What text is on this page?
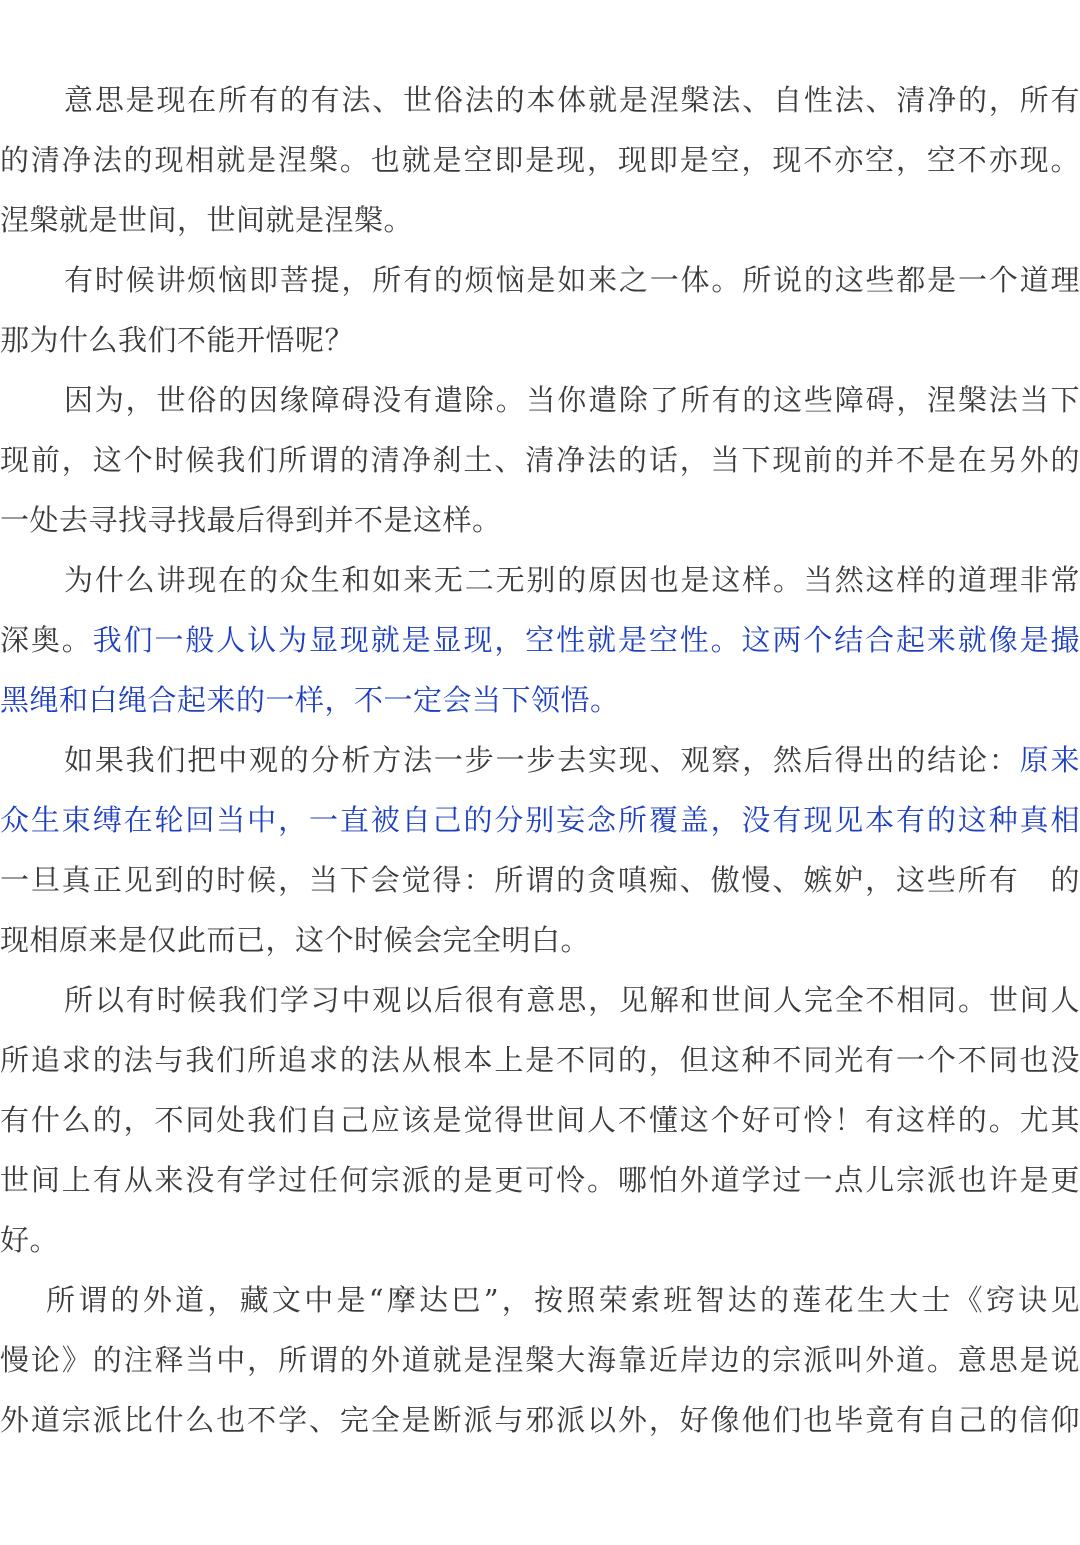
意思是现在所有的有法、世俗法的本体就是涅槃法、自性法、清净的，所有
的清净法的现相就是涅槃。也就是空即是现，现即是空，现不亦空，空不亦现。
涅槃就是世间，世间就是涅槃。
有时候讲烦恼即菩提，所有的烦恼是如来之一体。所说的这些都是一个道理
那为什么我们不能开悟呢？
因为，世俗的因缘障碍没有遣除。当你遣除了所有的这些障碍，涅槃法当下
现前，这个时候我们所谓的清净刹土、清净法的话，当下现前的并不是在另外的
一处去寻找寻找最后得到并不是这样。
为什么讲现在的众生和如来无二无别的原因也是这样。当然这样的道理非常
深奥。我们一般人认为显现就是显现，空性就是空性。这两个结合起来就像是撮
黑绳和白绳合起来的一样，不一定会当下领悟。
如果我们把中观的分析方法一步一步去实现、观察，然后得出的结论：原来
众生束缚在轮回当中，一直被自己的分别妄念所覆盖，没有现见本有的这种真相
一旦真正见到的时候，当下会觉得：所谓的贪嗔痴、傲慢、嫉妒，这些所有　的
现相原来是仅此而已，这个时候会完全明白。
所以有时候我们学习中观以后很有意思，见解和世间人完全不相同。世间人
所追求的法与我们所追求的法从根本上是不同的，但这种不同光有一个不同也没
有什么的，不同处我们自己应该是觉得世间人不懂这个好可怜！有这样的。尤其
世间上有从来没有学过任何宗派的是更可怜。哪怕外道学过一点儿宗派也许是更
好。
所谓的外道，藏文中是“摩达巴”，按照荣索班智达的莲花生大士《窍诀见
慢论》的注释当中，所谓的外道就是涅槃大海靠近岸边的宗派叫外道。意思是说
外道宗派比什么也不学、完全是断派与邪派以外，好像他们也毕竟有自己的信仰
